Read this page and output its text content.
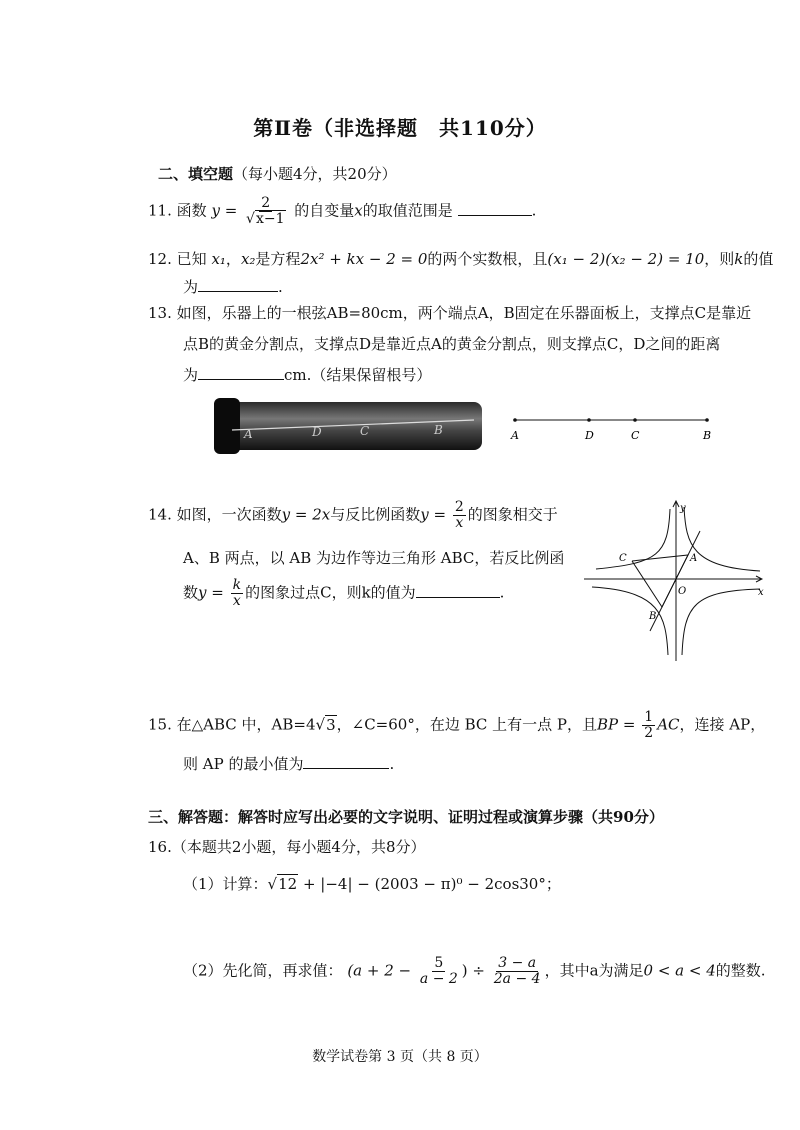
第Ⅱ卷（非选择题　共110分）
二、填空题（每小题4分，共20分）
11. 函数 $y = \frac{2}{√x-1}$ 的自变量x的取值范围是	.
12. 已知 x₁，x₂是方程2x² + kx − 2 = 0的两个实数根，且(x₁ − 2)(x₂ − 2) = 10，则k的值
为	.
13. 如图，乐器上的一根弦AB=80cm，两个端点A，B固定在乐器面板上，支撑点C是靠近
点B的黄金分割点，支撑点D是靠近点A的黄金分割点，则支撑点C，D之间的距离
为	cm.（结果保留根号）
A	D	C	B	A	D	C	B
14. 如图，一次函数y = 2x与反比例函数$y = \frac{2}{x}$ 的图象相交于
A、B 两点，以 AB 为边作等边三角形 ABC，若反比例函
数$y = \frac{k}{x}$ 的图象过点C，则k的值为	.
y
x
O
C	A
B
15. 在△ABC 中，AB=4√3，∠C=60°，在边 BC 上有一点 P，且BP = $\frac{1}{2}$ AC，连接 AP，
则 AP 的最小值为	.
三、解答题：解答时应写出必要的文字说明、证明过程或演算步骤（共90分）
16.（本题共2小题，每小题4分，共8分）
（1）计算：√12 + |−4| − (2003 − π)⁰ − 2cos30°；
（2）先化简，再求值： ($a + 2 - \frac{5}{a - 2}$ ) ÷ $\frac{3 - a}{2a - 4}$ ，其中a为满足0 < a < 4的整数.
数学试卷第 3 页（共 8 页）
